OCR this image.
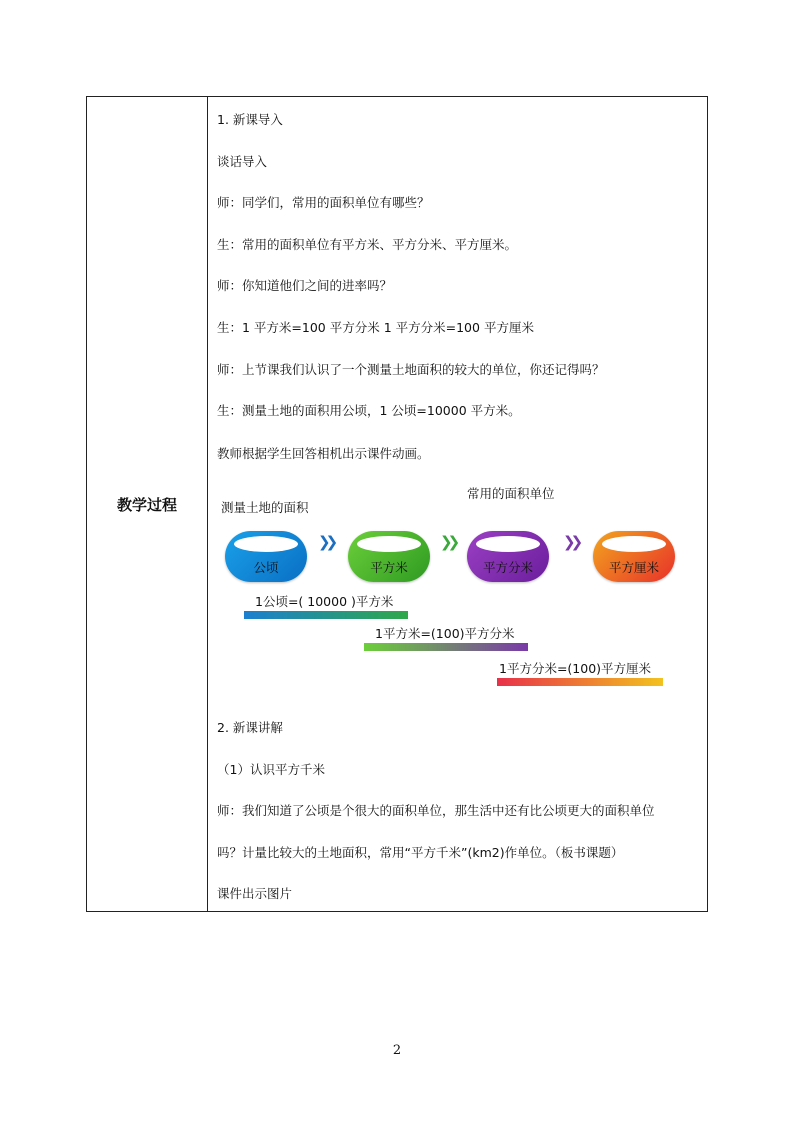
教学过程
1. 新课导入
谈话导入
师：同学们，常用的面积单位有哪些？
生：常用的面积单位有平方米、平方分米、平方厘米。
师：你知道他们之间的进率吗？
生：1 平方米=100 平方分米 1 平方分米=100 平方厘米
师：上节课我们认识了一个测量土地面积的较大的单位，你还记得吗？
生：测量土地的面积用公顷，1 公顷=10000 平方米。
教师根据学生回答相机出示课件动画。
测量土地的面积
常用的面积单位
公顷
❯❯
平方米
❯❯
平方分米
❯❯
平方厘米
1公顷=( 10000 )平方米
1平方米=(100)平方分米
1平方分米=(100)平方厘米
2. 新课讲解
（1）认识平方千米
师：我们知道了公顷是个很大的面积单位，那生活中还有比公顷更大的面积单位
吗？计量比较大的土地面积，常用“平方千米”(km2)作单位。（板书课题）
课件出示图片
2
